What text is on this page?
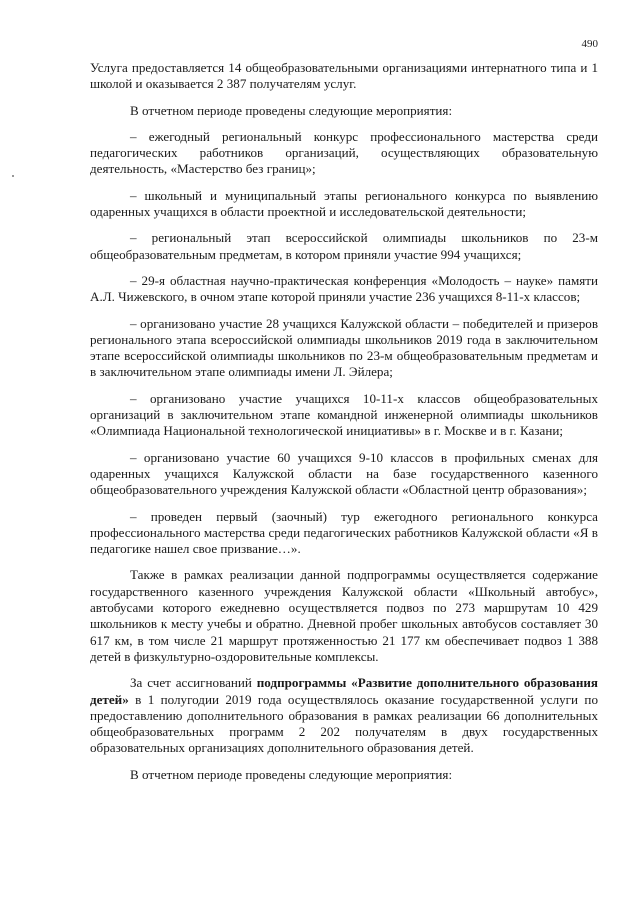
490

Услуга предоставляется 14 общеобразовательными организациями интернатного типа и 1 школой и оказывается 2 387 получателям услуг.

В отчетном периоде проведены следующие мероприятия:

– ежегодный региональный конкурс профессионального мастерства среди педагогических работников организаций, осуществляющих образовательную деятельность, «Мастерство без границ»;

– школьный и муниципальный этапы регионального конкурса по выявлению одаренных учащихся в области проектной и исследовательской деятельности;

– региональный этап всероссийской олимпиады школьников по 23-м общеобразовательным предметам, в котором приняли участие 994 учащихся;

– 29-я областная научно-практическая конференция «Молодость – науке» памяти А.Л. Чижевского, в очном этапе которой приняли участие 236 учащихся 8-11-х классов;

– организовано участие 28 учащихся Калужской области – победителей и призеров регионального этапа всероссийской олимпиады школьников 2019 года в заключительном этапе всероссийской олимпиады школьников по 23-м общеобразовательным предметам и в заключительном этапе олимпиады имени Л. Эйлера;

– организовано участие учащихся 10-11-х классов общеобразовательных организаций в заключительном этапе командной инженерной олимпиады школьников «Олимпиада Национальной технологической инициативы» в г. Москве и в г. Казани;

– организовано участие 60 учащихся 9-10 классов в профильных сменах для одаренных учащихся Калужской области на базе государственного казенного общеобразовательного учреждения Калужской области «Областной центр образования»;

– проведен первый (заочный) тур ежегодного регионального конкурса профессионального мастерства среди педагогических работников Калужской области «Я в педагогике нашел свое призвание…».

Также в рамках реализации данной подпрограммы осуществляется содержание государственного казенного учреждения Калужской области «Школьный автобус», автобусами которого ежедневно осуществляется подвоз по 273 маршрутам 10 429 школьников к месту учебы и обратно. Дневной пробег школьных автобусов составляет 30 617 км, в том числе 21 маршрут протяженностью 21 177 км обеспечивает подвоз 1 388 детей в физкультурно-оздоровительные комплексы.

За счет ассигнований подпрограммы «Развитие дополнительного образования детей» в 1 полугодии 2019 года осуществлялось оказание государственной услуги по предоставлению дополнительного образования в рамках реализации 66 дополнительных общеобразовательных программ 2 202 получателям в двух государственных образовательных организациях дополнительного образования детей.

В отчетном периоде проведены следующие мероприятия:
